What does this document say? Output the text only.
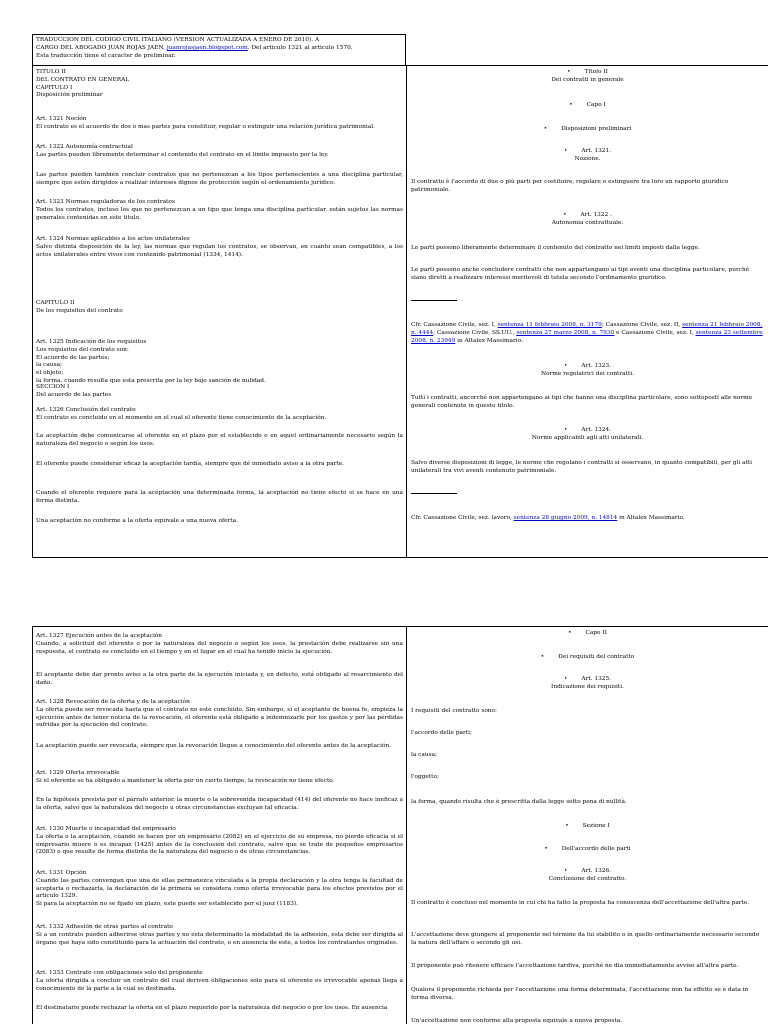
TRADUCCION DEL CODIGO CIVIL ITALIANO (VERSION ACTUALIZADA A ENERO DE 2010). A
CARGO DEL ABOGADO JUAN ROJAS JAEN, juanrojasjaen.blogspot.com. Del articulo 1321 al articulo 1570.
Esta traducción tiene el caracter de preliminar.
TITULO II
DEL CONTRATO EN GENERAL
CAPITULO I
Disposición preliminar
Art. 1321 Noción
El contrato es el acuerdo de dos o mas partes para constituir, regular o extinguir una relación jurídica patrimonial.
Art. 1322 Autonomía contractual
Las partes pueden libremente determinar el contenido del contrato en el limite impuesto por la ley.
Las partes pueden también concluir contratos que no pertenezcan a los tipos pertenecientes a una disciplina particular, siempre que estén dirigidos a realizar intereses dignos de protección según el ordenamiento jurídico.
Art. 1323 Normas reguladoras de los contratos
Todos los contratos, incluso los que no pertenezcan a un tipo que tenga una disciplina particular, están sujetos las normas generales contenidas en este titulo.
Art. 1324 Normas aplicables a los actos unilaterales
Salvo distinta disposición de la ley, las normas que regulan los contratos, se observan, en cuanto sean compatibles, a los actos unilaterales entre vivos con contenido patrimonial (1334, 1414).
CAPITULO II
De los requisitos del contrato
Art. 1325 Indicación de los requisitos
Los requisitos del contrato son:
El acuerdo de las partes;
la causa;
el objeto;
la forma, cuando resulta que esta prescrita por la ley bajo sanción de nulidad.
SECCION I
Del acuerdo de las partes
Art. 1326 Conclusión del contrato
El contrato es concluido en el momento en el cual el oferente tiene conocimiento de la aceptación.
La aceptación debe comunicarse al oferente en el plazo por el establecido o en aquel ordinariamente necesario según la naturaleza del negocio o según los usos.
El oferente puede considerar eficaz la aceptación tardía, siempre que dé inmediato aviso a la otra parte.
Cuando el oferente requiere para la aceptación una determinada forma, la aceptación no tiene efecto si se hace en una forma distinta.
Una aceptación no conforme a la oferta equivale a una nueva oferta.
• Titolo II
Dei contratti in generale
• Capo I
• Disposizioni preliminari
• Art. 1321.
Nozione.
Il contratto è l'accordo di due o più parti per costituire, regolare o estinguere tra loro un rapporto giuridico patrimoniale.
• Art. 1322 .
Autonomia contrattuale.
Le parti possono liberamente determinare il contenuto del contratto nei limiti imposti dalla legge.
Le parti possono anche concludere contratti che non appartengano ai tipi aventi una disciplina particolare, purché siano diretti a realizzare interessi meritevoli di tutela secondo l'ordinamento giuridico.
Cfr. Cassazione Civile, sez. I, sentenza 11 febbraio 2008, n. 3179; Cassazione Civile, sez. II, sentenza 21 febbraio 2008, n. 4444; Cassazione Civile, SS.UU., sentenza 27 marzo 2008, n. 7930 e Cassazione Civile, sez. I, sentenza 23 settembre 2008, n. 23949 in Altalex Massimario.
• Art. 1323.
Norme regolatrici dei contratti.
Tutti i contratti, ancorché non appartengano ai tipi che hanno una disciplina particolare, sono sottoposti alle norme generali contenute in questo titolo.
• Art. 1324.
Norme applicabili agli atti unilaterali.
Salvo diverse disposizioni di legge, le norme che regolano i contratti si osservano, in quanto compatibili, per gli atti unilaterali tra vivi aventi contenuto patrimoniale.
Cfr. Cassazione Civile, sez. lavoro, sentenza 28 giugno 2009, n. 14814 in Altalex Massimario.
Art. 1327 Ejecución antes de la aceptación
Cuando, a solicitud del oferente o por la naturaleza del negocio o según los usos, la prestación debe realizarse sin una respuesta, el contrato es concluido en el tiempo y en el lugar en el cual ha tenido inicio la ejecución.
El aceptante debe dar pronto aviso a la otra parte de la ejecución iniciada y, en defecto, está obligado al resarcimiento del daño.
Art. 1328 Revocación de la oferta y de la aceptación
La oferta puede ser revocada hasta que el contrato no este concluido. Sin embargo, si el aceptante de buena fe, empieza la ejecución antes de tener noticia de la revocación, el oferente está obligado a indemnizarle por los gastos y por las pérdidas sufridas por la ejecución del contrato.
La aceptación puede ser revocada, siempre que la revocación llegue a conocimiento del oferente antes de la aceptación.
Art. 1329 Oferta irrevocable
Si el oferente se ha obligado a mantener la oferta por un cierto tiempo, la revocación no tiene efecto.
En la hipótesis prevista por el párrafo anterior, la muerte o la sobrevenida incapacidad (414) del oferente no hace ineficaz a la oferta, salvo que la naturaleza del negocio u otras circunstancias excluyan tal eficacia.
Art. 1330 Muerte o incapacidad del empresario
La oferta o la aceptación, cuando se hacen por un empresario (2082) en el ejercicio de su empresa, no pierde eficacia si el empresario muere o es incapaz (1425) antes de la conclusión del contrato, salvo que se trate de pequeños empresarios (2083) o que resulte de forma distinta de la naturaleza del negocio o de otras circunstancias.
Art. 1331 Opción
Cuando las partes convengan que una de ellas permanezca vinculada a la propia declaración y la otra tenga la facultad de aceptarla o rechazarla, la declaración de la primera se considera como oferta irrevocable para los efectos previstos por el articulo 1329.
Si para la aceptación no se fijado un plazo, este puede ser establecido por el juez (1183).
Art. 1332 Adhesión de otras partes al contrato
Si a un contrato pueden adherirse otras partes y no esta determinado la modalidad de la adhesión, esta debe ser dirigida al órgano que haya sido constituido para la actuación del contrato, o en ausencia de este, a todos los contratantes originales.
Art. 1333 Contrato con obligaciones solo del proponente
La oferta dirigida a concluir un contrato del cual deriven obligaciones solo para el oferente es irrevocable apenas llega a conocimiento de la parte a la cual es destinada.
El destinatario puede rechazar la oferta en el plazo requerido por la naturaleza del negocio o por los usos. En ausencia
• Capo II
• Dei requisiti del contratto
• Art. 1325.
Indicazione dei requisiti.
I requisiti del contratto sono:
l'accordo delle parti;
la causa;
l'oggetto;
la forma, quando risulta che è prescritta dalla legge sotto pena di nullità.
• Sezione I
• Dell'accordo delle parti
• Art. 1326.
Conclusione del contratto.
Il contratto è concluso nel momento in cui chi ha fatto la proposta ha conoscenza dell'accettazione dell'altra parte.
L'accettazione deve giungere al proponente nel termine da lui stabilito o in quello ordinariamente necessario secondo la natura dell'affare o secondo gli usi.
Il proponente può ritenere efficace l'accettazione tardiva, purché ne dia immediatamente avviso all'altra parte.
Qualora il proponente richieda per l'accettazione una forma determinata, l'accettazione non ha effetto se è data in forma diversa.
Un'accettazione non conforme alla proposta equivale a nuova proposta.
